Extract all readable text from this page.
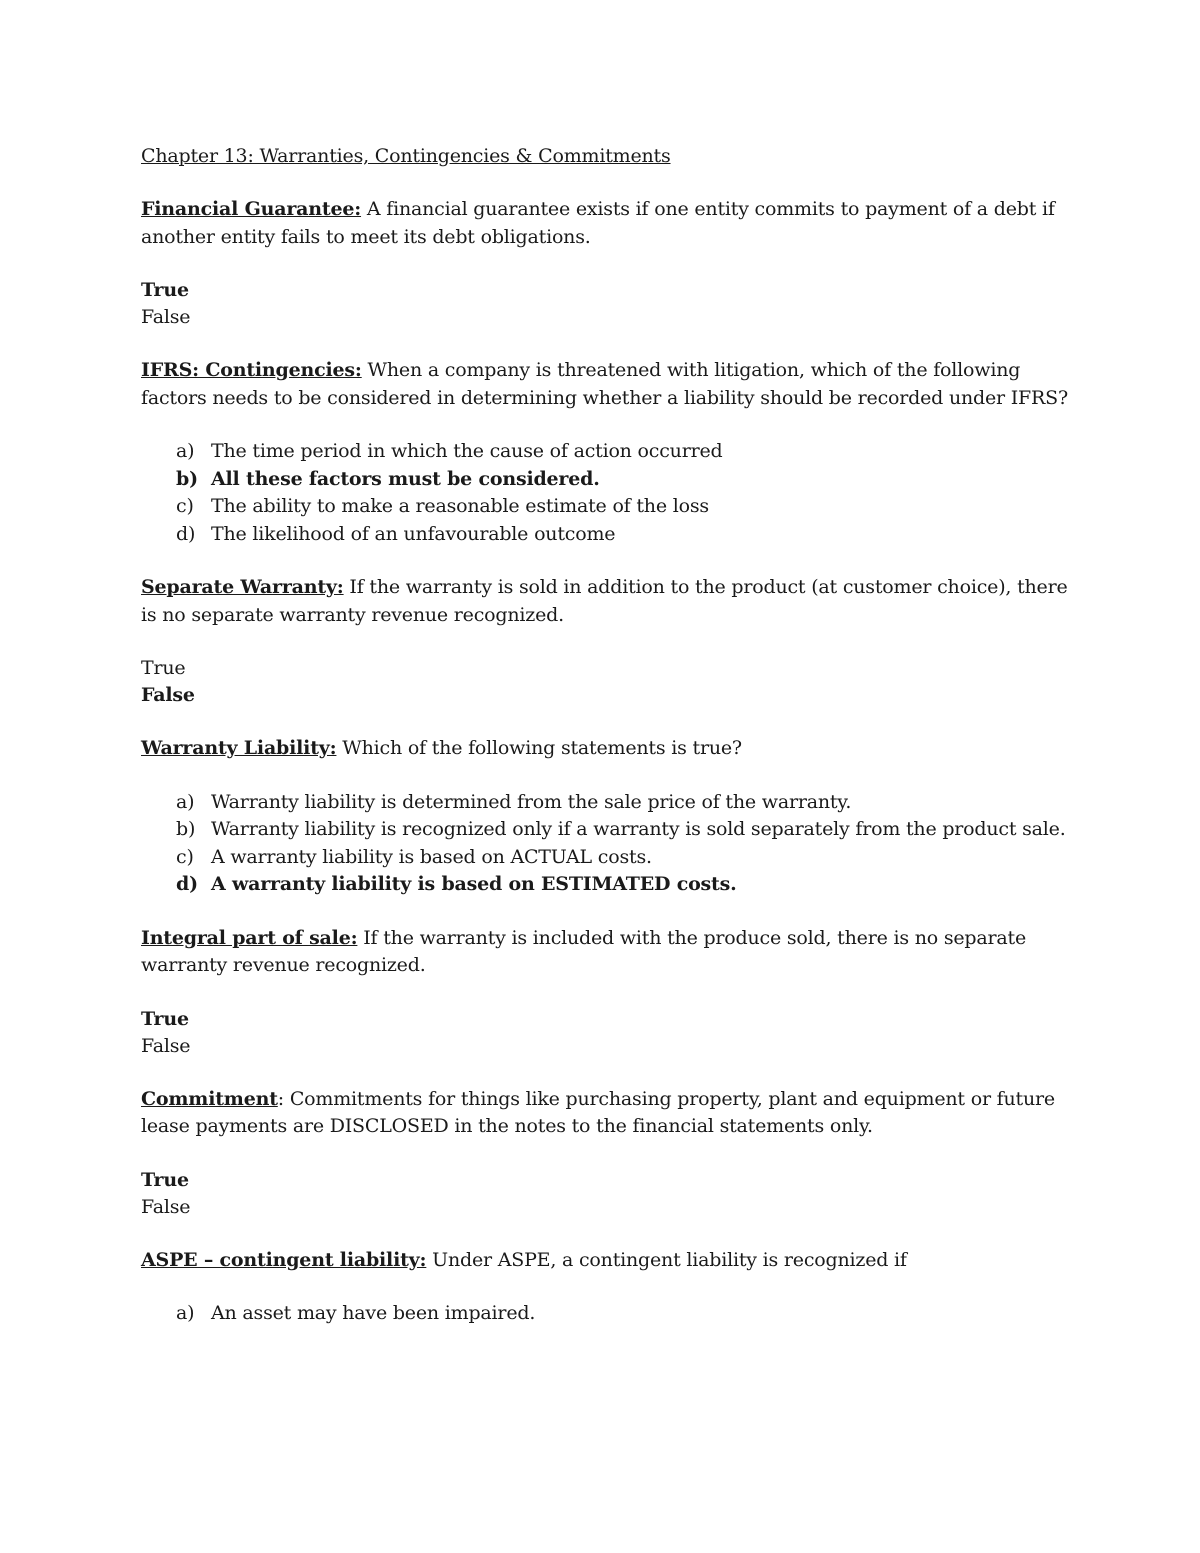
Chapter 13: Warranties, Contingencies & Commitments
Financial Guarantee: A financial guarantee exists if one entity commits to payment of a debt if another entity fails to meet its debt obligations.
True
False
IFRS: Contingencies: When a company is threatened with litigation, which of the following factors needs to be considered in determining whether a liability should be recorded under IFRS?
a) The time period in which the cause of action occurred
b) All these factors must be considered.
c) The ability to make a reasonable estimate of the loss
d) The likelihood of an unfavourable outcome
Separate Warranty: If the warranty is sold in addition to the product (at customer choice), there is no separate warranty revenue recognized.
True
False
Warranty Liability: Which of the following statements is true?
a) Warranty liability is determined from the sale price of the warranty.
b) Warranty liability is recognized only if a warranty is sold separately from the product sale.
c) A warranty liability is based on ACTUAL costs.
d) A warranty liability is based on ESTIMATED costs.
Integral part of sale: If the warranty is included with the produce sold, there is no separate warranty revenue recognized.
True
False
Commitment: Commitments for things like purchasing property, plant and equipment or future lease payments are DISCLOSED in the notes to the financial statements only.
True
False
ASPE – contingent liability: Under ASPE, a contingent liability is recognized if
a) An asset may have been impaired.
